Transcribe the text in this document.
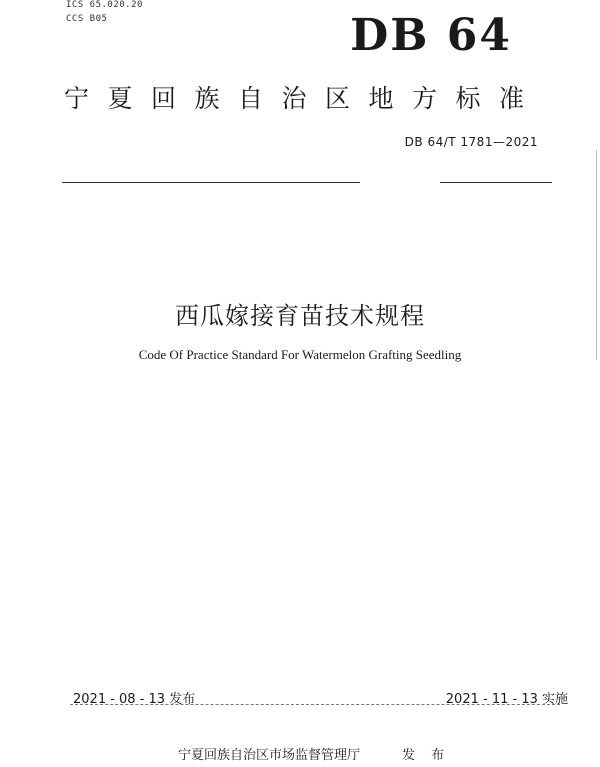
ICS 65.020.20
CCS B05	DB 64
宁夏回族自治区地方标准
DB 64/T 1781—2021
西瓜嫁接育苗技术规程
Code Of Practice Standard For Watermelon Grafting Seedling
2021 - 08 - 13 发布	2021 - 11 - 13 实施
宁夏回族自治区市场监督管理厅	发 布
